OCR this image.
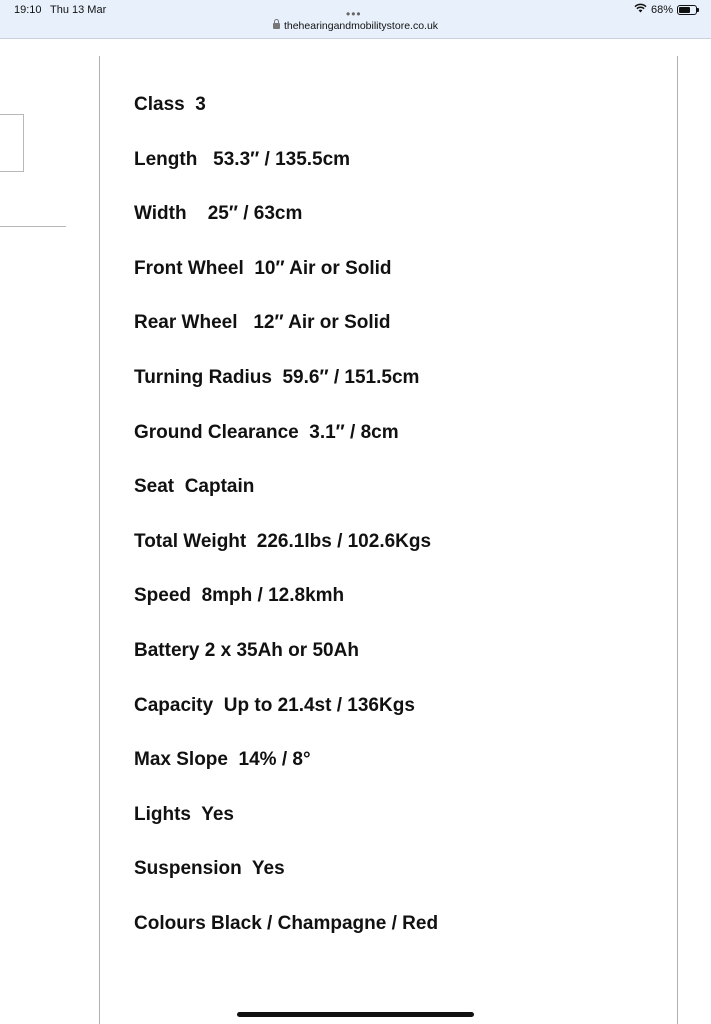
19:10 Thu 13 Mar	68%
•••
thehearingandmobilitystore.co.uk
Class  3
Length   53.3″ / 135.5cm
Width    25″ / 63cm
Front Wheel  10″ Air or Solid
Rear Wheel   12″ Air or Solid
Turning Radius  59.6″ / 151.5cm
Ground Clearance  3.1″ / 8cm
Seat  Captain
Total Weight  226.1lbs / 102.6Kgs
Speed  8mph / 12.8kmh
Battery 2 x 35Ah or 50Ah
Capacity  Up to 21.4st / 136Kgs
Max Slope  14% / 8°
Lights  Yes
Suspension  Yes
Colours Black / Champagne / Red
